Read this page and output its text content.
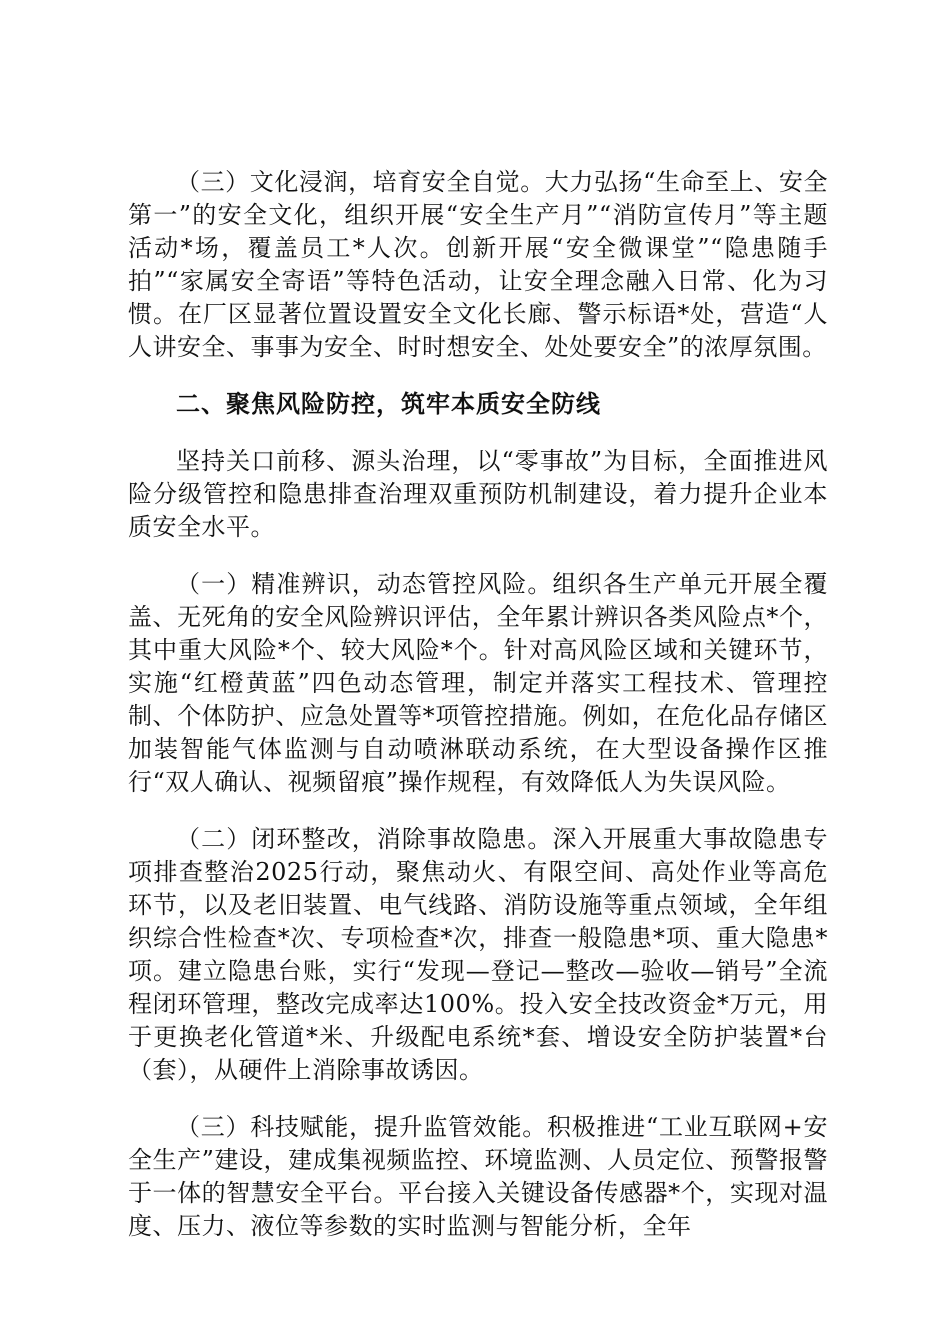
（三）文化浸润，培育安全自觉。大力弘扬“生命至上、安全第一”的安全文化，组织开展“安全生产月”“消防宣传月”等主题活动*场，覆盖员工*人次。创新开展“安全微课堂”“隐患随手拍”“家属安全寄语”等特色活动，让安全理念融入日常、化为习惯。在厂区显著位置设置安全文化长廊、警示标语*处，营造“人人讲安全、事事为安全、时时想安全、处处要安全”的浓厚氛围。

二、聚焦风险防控，筑牢本质安全防线

坚持关口前移、源头治理，以“零事故”为目标，全面推进风险分级管控和隐患排查治理双重预防机制建设，着力提升企业本质安全水平。

（一）精准辨识，动态管控风险。组织各生产单元开展全覆盖、无死角的安全风险辨识评估，全年累计辨识各类风险点*个，其中重大风险*个、较大风险*个。针对高风险区域和关键环节，实施“红橙黄蓝”四色动态管理，制定并落实工程技术、管理控制、个体防护、应急处置等*项管控措施。例如，在危化品存储区加装智能气体监测与自动喷淋联动系统，在大型设备操作区推行“双人确认、视频留痕”操作规程，有效降低人为失误风险。

（二）闭环整改，消除事故隐患。深入开展重大事故隐患专项排查整治2025行动，聚焦动火、有限空间、高处作业等高危环节，以及老旧装置、电气线路、消防设施等重点领域，全年组织综合性检查*次、专项检查*次，排查一般隐患*项、重大隐患*项。建立隐患台账，实行“发现—登记—整改—验收—销号”全流程闭环管理，整改完成率达100%。投入安全技改资金*万元，用于更换老化管道*米、升级配电系统*套、增设安全防护装置*台（套），从硬件上消除事故诱因。

（三）科技赋能，提升监管效能。积极推进“工业互联网+安全生产”建设，建成集视频监控、环境监测、人员定位、预警报警于一体的智慧安全平台。平台接入关键设备传感器*个，实现对温度、压力、液位等参数的实时监测与智能分析，全年
